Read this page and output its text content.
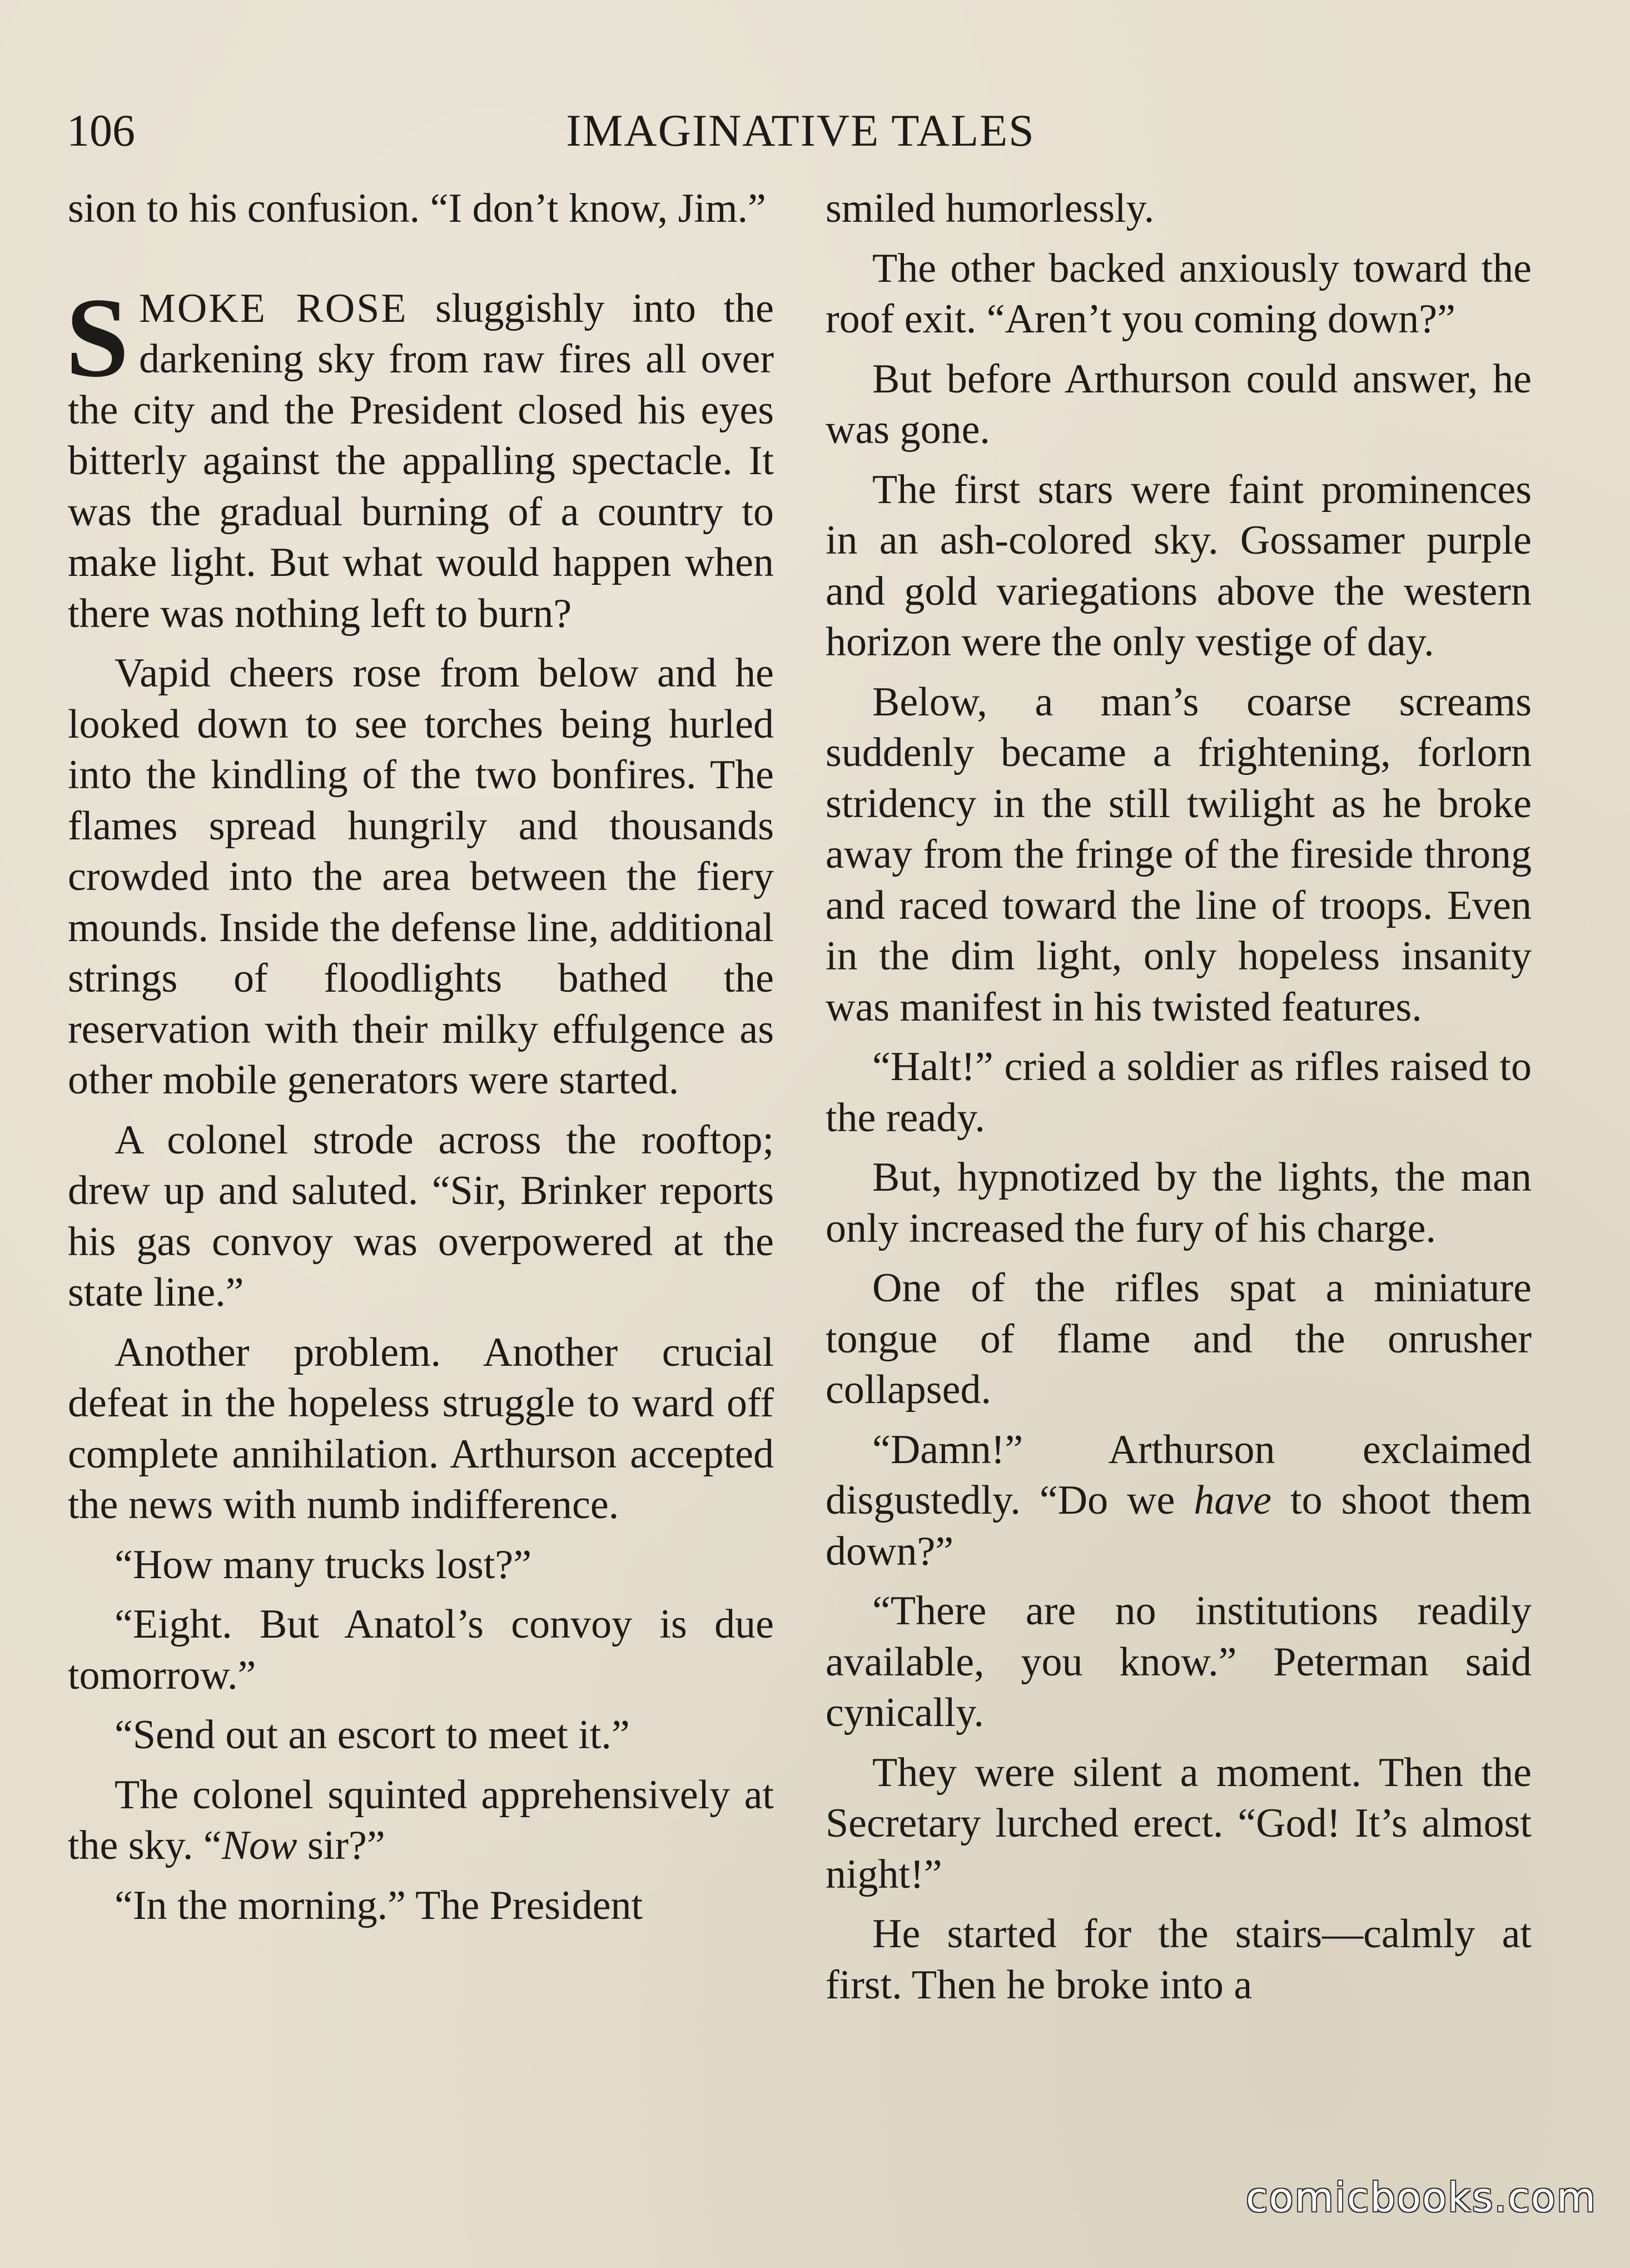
106	IMAGINATIVE TALES

sion to his confusion. “I don’t know, Jim.”

SMOKE ROSE sluggishly into the darkening sky from raw fires all over the city and the President closed his eyes bitterly against the appalling spectacle. It was the gradual burning of a country to make light. But what would happen when there was nothing left to burn?

Vapid cheers rose from below and he looked down to see torches being hurled into the kindling of the two bonfires. The flames spread hungrily and thousands crowded into the area between the fiery mounds. Inside the defense line, additional strings of floodlights bathed the reservation with their milky effulgence as other mobile generators were started.

A colonel strode across the rooftop; drew up and saluted. “Sir, Brinker reports his gas convoy was overpowered at the state line.”

Another problem. Another crucial defeat in the hopeless struggle to ward off complete annihilation. Arthurson accepted the news with numb indifference.

“How many trucks lost?”

“Eight. But Anatol’s convoy is due tomorrow.”

“Send out an escort to meet it.”

The colonel squinted apprehensively at the sky. “Now sir?”

“In the morning.” The President

smiled humorlessly.

The other backed anxiously toward the roof exit. “Aren’t you coming down?”

But before Arthurson could answer, he was gone.

The first stars were faint prominences in an ash-colored sky. Gossamer purple and gold variegations above the western horizon were the only vestige of day.

Below, a man’s coarse screams suddenly became a frightening, forlorn stridency in the still twilight as he broke away from the fringe of the fireside throng and raced toward the line of troops. Even in the dim light, only hopeless insanity was manifest in his twisted features.

“Halt!” cried a soldier as rifles raised to the ready.

But, hypnotized by the lights, the man only increased the fury of his charge.

One of the rifles spat a miniature tongue of flame and the onrusher collapsed.

“Damn!” Arthurson exclaimed disgustedly. “Do we have to shoot them down?”

“There are no institutions readily available, you know.” Peterman said cynically.

They were silent a moment. Then the Secretary lurched erect. “God! It’s almost night!”

He started for the stairs—calmly at first. Then he broke into a

comicbooks.com
